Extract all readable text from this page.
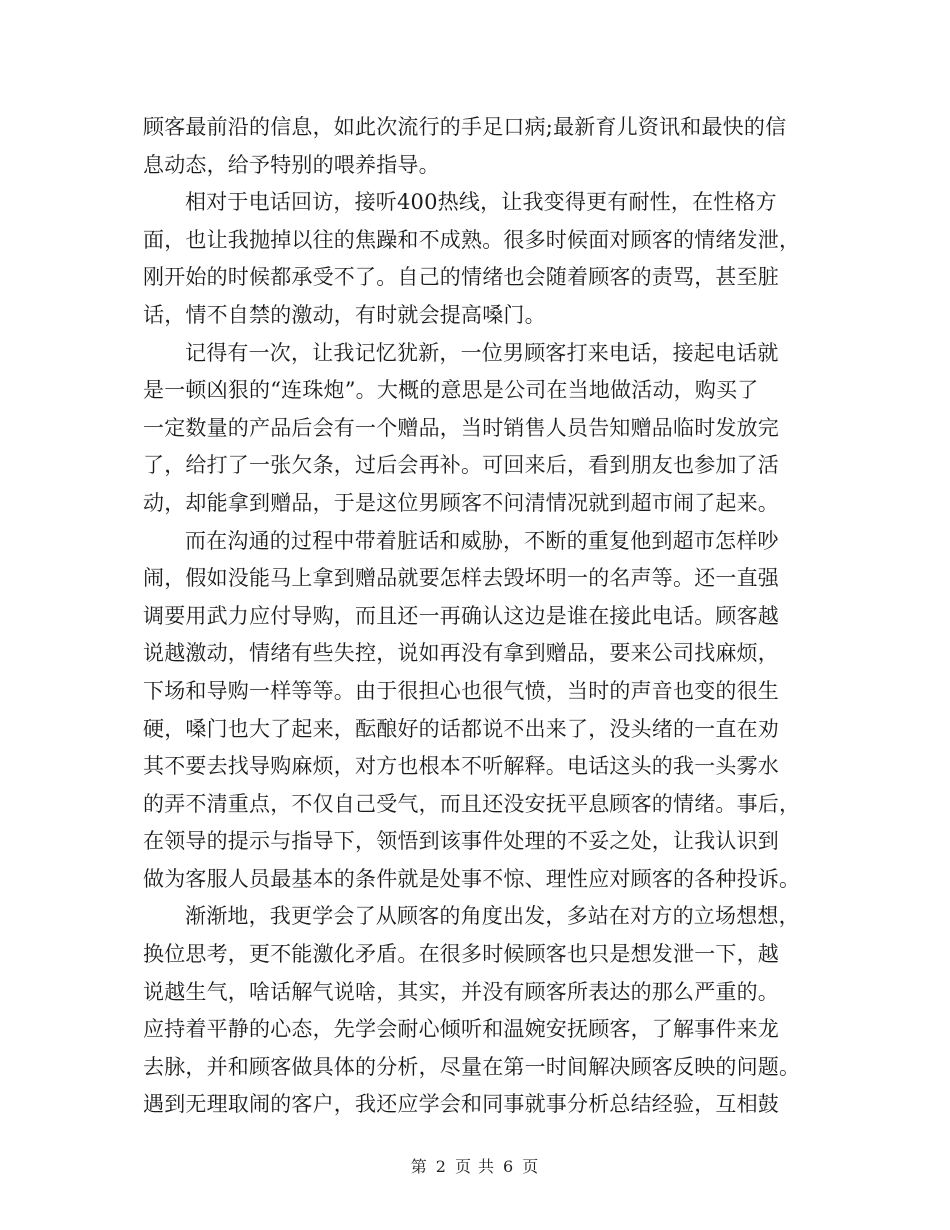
顾客最前沿的信息，如此次流行的手足口病;最新育儿资讯和最快的信
息动态，给予特别的喂养指导。
相对于电话回访，接听400热线，让我变得更有耐性，在性格方
面，也让我抛掉以往的焦躁和不成熟。很多时候面对顾客的情绪发泄，
刚开始的时候都承受不了。自己的情绪也会随着顾客的责骂，甚至脏
话，情不自禁的激动，有时就会提高嗓门。
记得有一次，让我记忆犹新，一位男顾客打来电话，接起电话就
是一顿凶狠的“连珠炮”。大概的意思是公司在当地做活动，购买了
一定数量的产品后会有一个赠品，当时销售人员告知赠品临时发放完
了，给打了一张欠条，过后会再补。可回来后，看到朋友也参加了活
动，却能拿到赠品，于是这位男顾客不问清情况就到超市闹了起来。
而在沟通的过程中带着脏话和威胁，不断的重复他到超市怎样吵
闹，假如没能马上拿到赠品就要怎样去毁坏明一的名声等。还一直强
调要用武力应付导购，而且还一再确认这边是谁在接此电话。顾客越
说越激动，情绪有些失控，说如再没有拿到赠品，要来公司找麻烦，
下场和导购一样等等。由于很担心也很气愤，当时的声音也变的很生
硬，嗓门也大了起来，酝酿好的话都说不出来了，没头绪的一直在劝
其不要去找导购麻烦，对方也根本不听解释。电话这头的我一头雾水
的弄不清重点，不仅自己受气，而且还没安抚平息顾客的情绪。事后，
在领导的提示与指导下，领悟到该事件处理的不妥之处，让我认识到
做为客服人员最基本的条件就是处事不惊、理性应对顾客的各种投诉。
渐渐地，我更学会了从顾客的角度出发，多站在对方的立场想想，
换位思考，更不能激化矛盾。在很多时候顾客也只是想发泄一下，越
说越生气，啥话解气说啥，其实，并没有顾客所表达的那么严重的。
应持着平静的心态，先学会耐心倾听和温婉安抚顾客，了解事件来龙
去脉，并和顾客做具体的分析，尽量在第一时间解决顾客反映的问题。
遇到无理取闹的客户，我还应学会和同事就事分析总结经验，互相鼓
第 2 页 共 6 页
